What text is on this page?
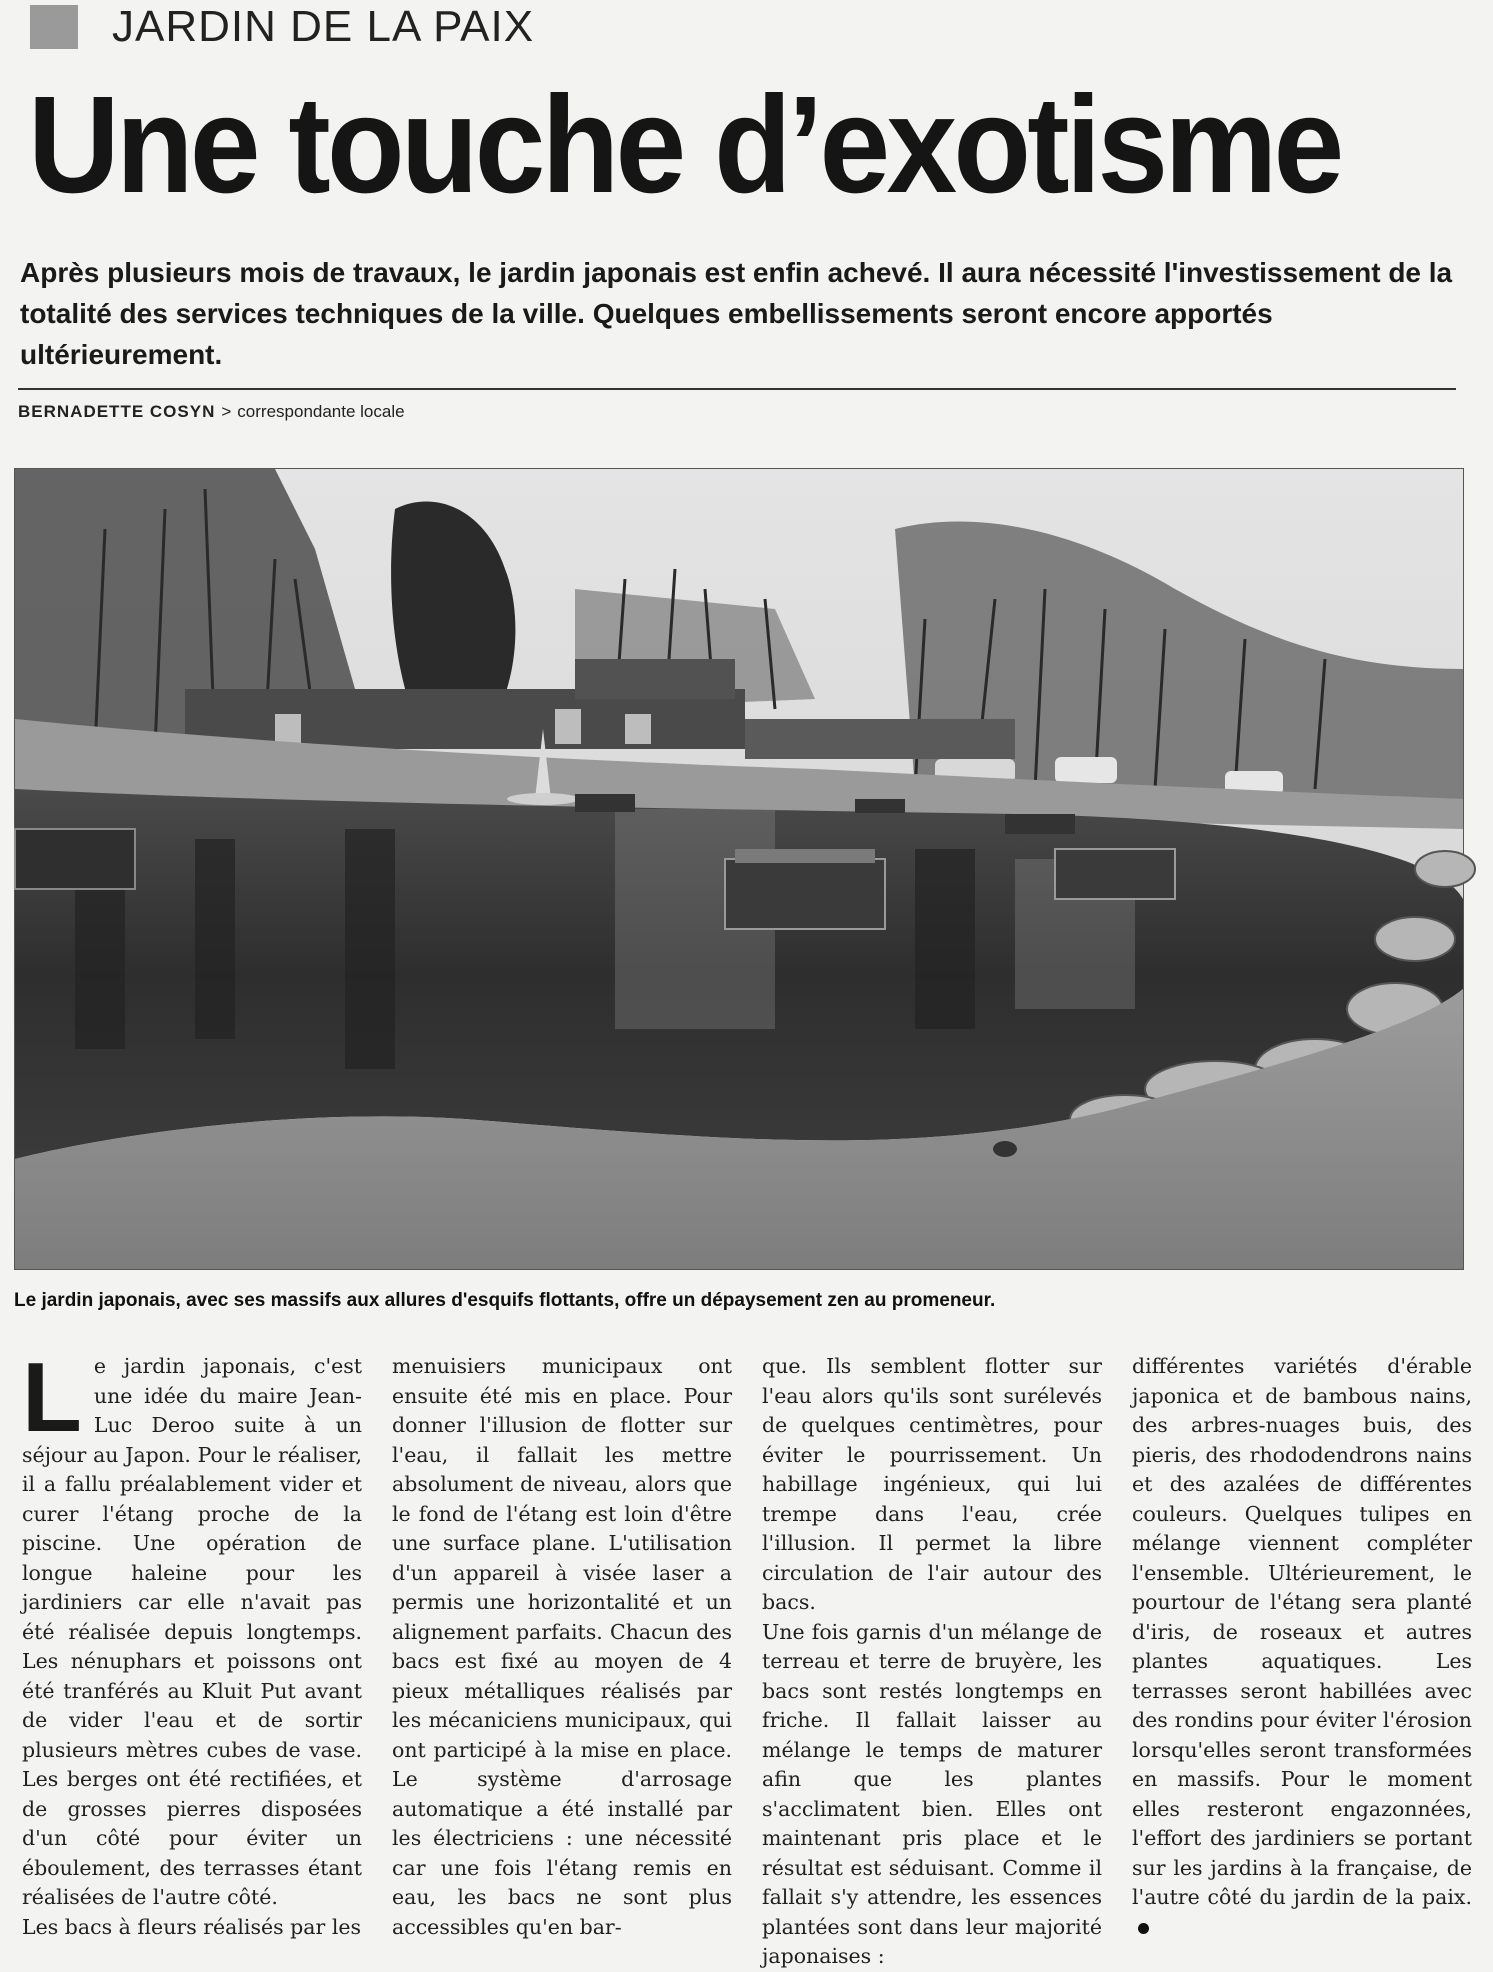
JARDIN DE LA PAIX
Une touche d’exotisme
Après plusieurs mois de travaux, le jardin japonais est enfin achevé. Il aura nécessité l'investissement de la totalité des services techniques de la ville. Quelques embellissements seront encore apportés ultérieurement.
BERNADETTE COSYN > correspondante locale
Le jardin japonais, avec ses massifs aux allures d'esquifs flottants, offre un dépaysement zen au promeneur.
L e jardin japonais, c'est une idée du maire Jean-Luc Deroo suite à un séjour au Japon. Pour le réaliser, il a fallu préalablement vider et curer l'étang proche de la piscine. Une opération de longue haleine pour les jardiniers car elle n'avait pas été réalisée depuis longtemps. Les nénuphars et poissons ont été tranférés au Kluit Put avant de vider l'eau et de sortir plusieurs mètres cubes de vase. Les berges ont été rectifiées, et de grosses pierres disposées d'un côté pour éviter un éboulement, des terrasses étant réalisées de l'autre côté.

Les bacs à fleurs réalisés par les

menuisiers municipaux ont ensuite été mis en place. Pour donner l'illusion de flotter sur l'eau, il fallait les mettre absolument de niveau, alors que le fond de l'étang est loin d'être une surface plane. L'utilisation d'un appareil à visée laser a permis une horizontalité et un alignement parfaits. Chacun des bacs est fixé au moyen de 4 pieux métalliques réalisés par les mécaniciens municipaux, qui ont participé à la mise en place. Le système d'arrosage automatique a été installé par les électriciens : une nécessité car une fois l'étang remis en eau, les bacs ne sont plus accessibles qu'en bar-

que. Ils semblent flotter sur l'eau alors qu'ils sont surélevés de quelques centimètres, pour éviter le pourrissement. Un habillage ingénieux, qui lui trempe dans l'eau, crée l'illusion. Il permet la libre circulation de l'air autour des bacs.

Une fois garnis d'un mélange de terreau et terre de bruyère, les bacs sont restés longtemps en friche. Il fallait laisser au mélange le temps de maturer afin que les plantes s'acclimatent bien. Elles ont maintenant pris place et le résultat est séduisant. Comme il fallait s'y attendre, les essences plantées sont dans leur majorité japonaises :

différentes variétés d'érable japonica et de bambous nains, des arbres-nuages buis, des pieris, des rhododendrons nains et des azalées de différentes couleurs. Quelques tulipes en mélange viennent compléter l'ensemble. Ultérieurement, le pourtour de l'étang sera planté d'iris, de roseaux et autres plantes aquatiques. Les terrasses seront habillées avec des rondins pour éviter l'érosion lorsqu'elles seront transformées en massifs. Pour le moment elles resteront engazonnées, l'effort des jardiniers se portant sur les jardins à la française, de l'autre côté du jardin de la paix.
